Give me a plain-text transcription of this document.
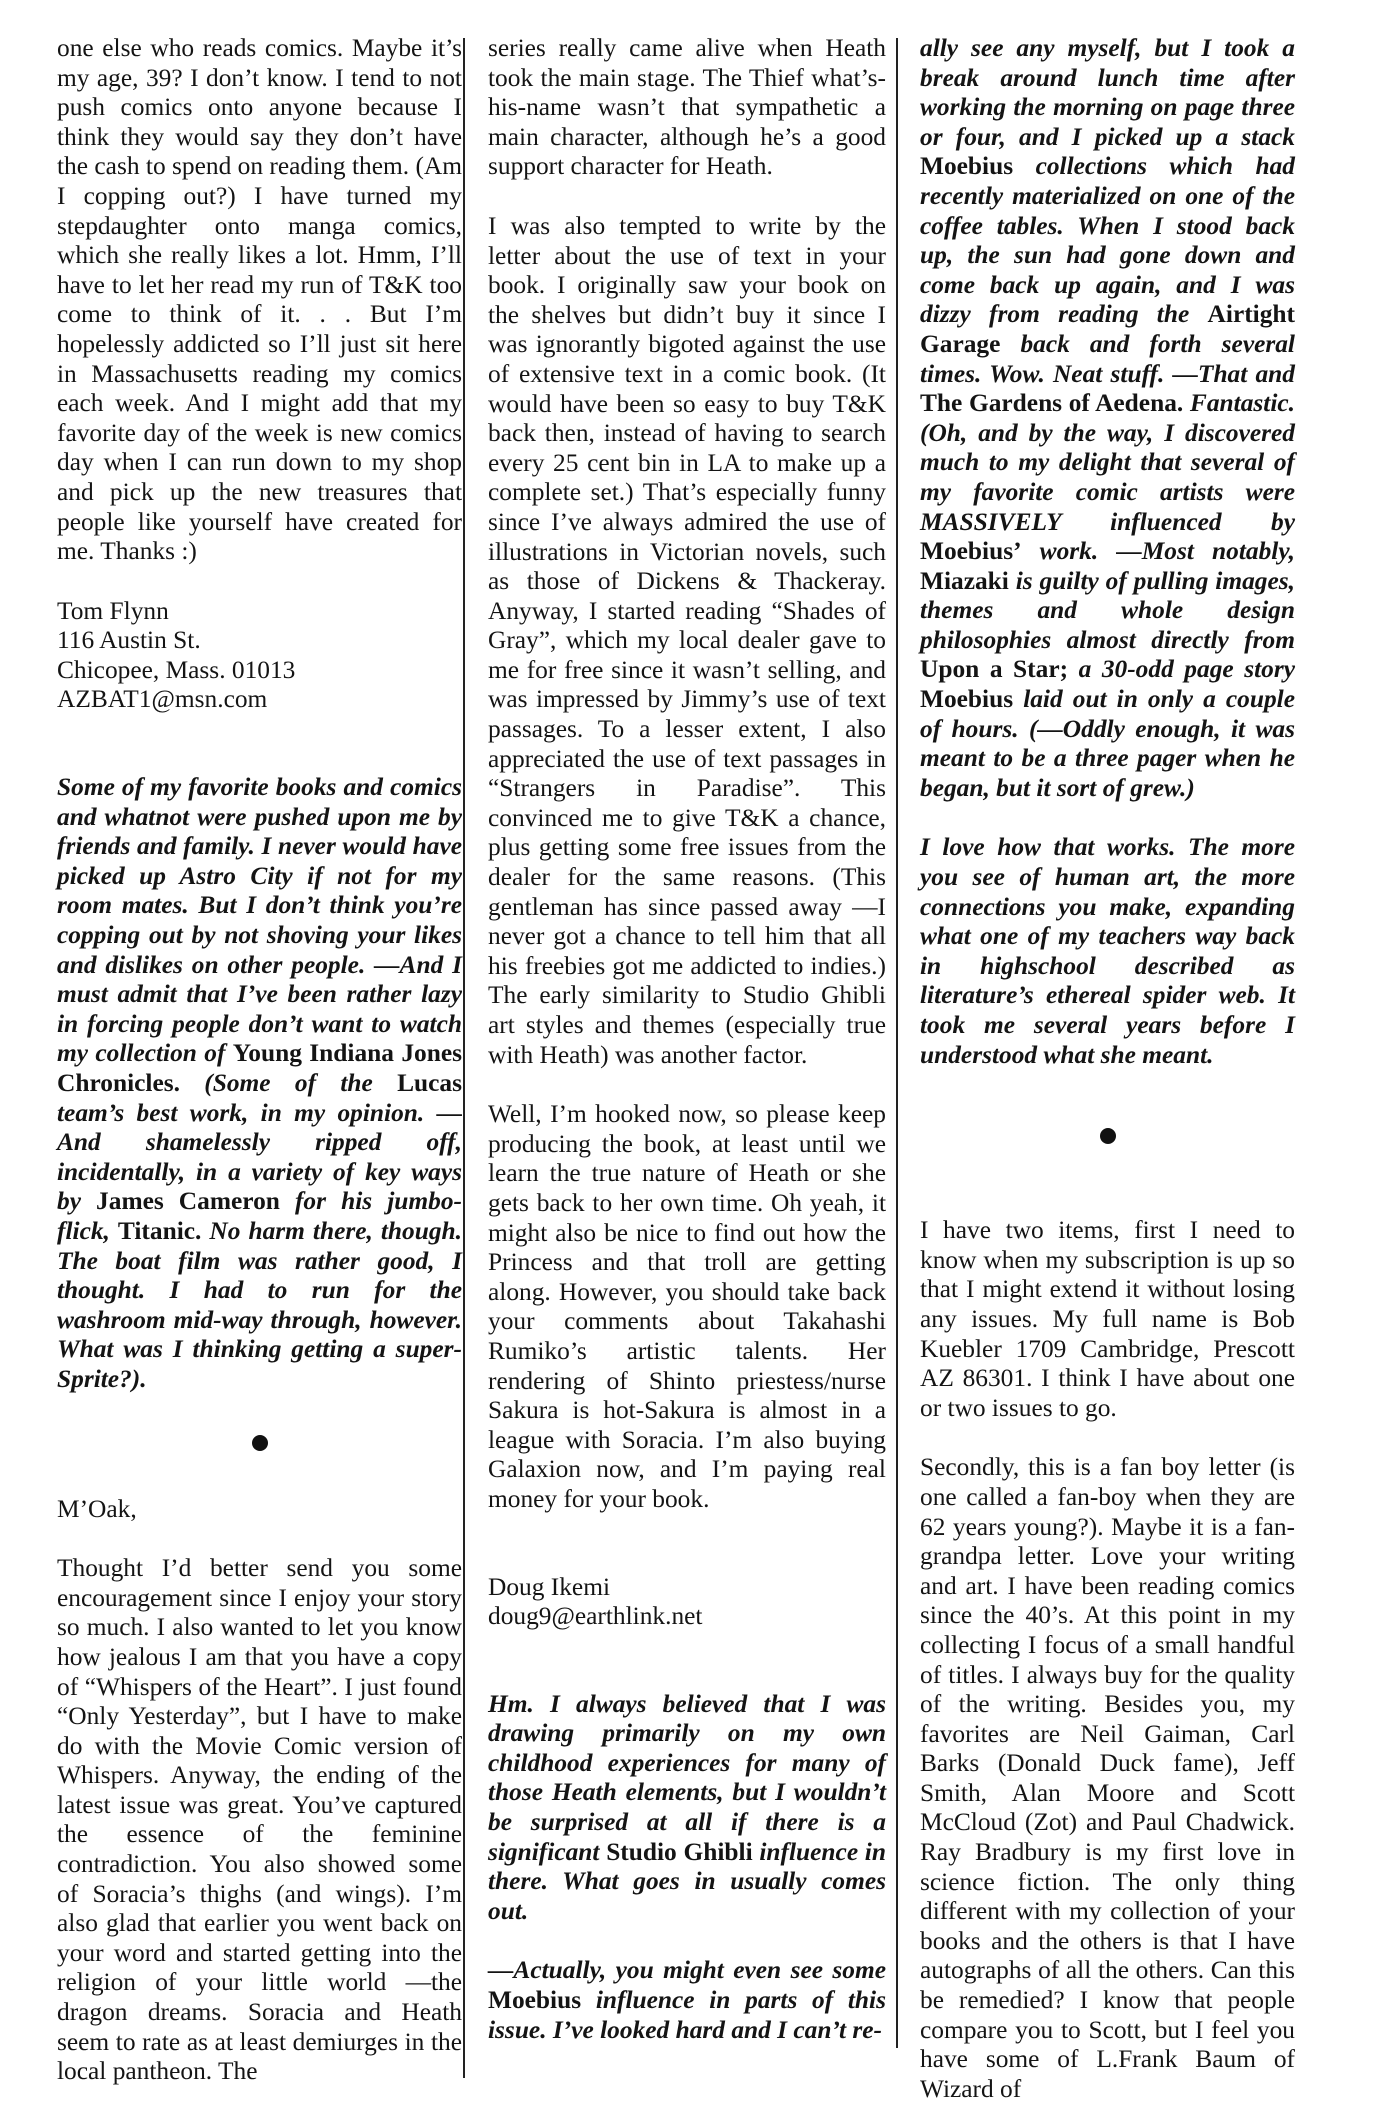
one else who reads comics. Maybe it’s my age, 39? I don’t know. I tend to not push comics onto anyone because I think they would say they don’t have the cash to spend on reading them. (Am I copping out?) I have turned my stepdaughter onto manga comics, which she really likes a lot. Hmm, I’ll have to let her read my run of T&K too come to think of it. . . But I’m hopelessly addicted so I’ll just sit here in Massachusetts reading my comics each week. And I might add that my favorite day of the week is new comics day when I can run down to my shop and pick up the new treasures that people like yourself have created for me. Thanks :)

Tom Flynn
116 Austin St.
Chicopee, Mass. 01013
AZBAT1@msn.com

Some of my favorite books and comics and whatnot were pushed upon me by friends and family. I never would have picked up Astro City if not for my room mates. But I don’t think you’re copping out by not shoving your likes and dislikes on other people. —And I must admit that I’ve been rather lazy in forcing people don’t want to watch my collection of Young Indiana Jones Chronicles. (Some of the Lucas team’s best work, in my opinion. —And shamelessly ripped off, incidentally, in a variety of key ways by James Cameron for his jumbo-flick, Titanic. No harm there, though. The boat film was rather good, I thought. I had to run for the washroom mid-way through, however. What was I thinking getting a super-Sprite?).

M’Oak,

Thought I’d better send you some encouragement since I enjoy your story so much. I also wanted to let you know how jealous I am that you have a copy of “Whispers of the Heart”. I just found “Only Yesterday”, but I have to make do with the Movie Comic version of Whispers. Anyway, the ending of the latest issue was great. You’ve captured the essence of the feminine contradiction. You also showed some of Soracia’s thighs (and wings). I’m also glad that earlier you went back on your word and started getting into the religion of your little world —the dragon dreams. Soracia and Heath seem to rate as at least demiurges in the local pantheon. The

series really came alive when Heath took the main stage. The Thief what’s-his-name wasn’t that sympathetic a main character, although he’s a good support character for Heath.

I was also tempted to write by the letter about the use of text in your book. I originally saw your book on the shelves but didn’t buy it since I was ignorantly bigoted against the use of extensive text in a comic book. (It would have been so easy to buy T&K back then, instead of having to search every 25 cent bin in LA to make up a complete set.) That’s especially funny since I’ve always admired the use of illustrations in Victorian novels, such as those of Dickens & Thackeray. Anyway, I started reading “Shades of Gray”, which my local dealer gave to me for free since it wasn’t selling, and was impressed by Jimmy’s use of text passages. To a lesser extent, I also appreciated the use of text passages in “Strangers in Paradise”. This convinced me to give T&K a chance, plus getting some free issues from the dealer for the same reasons. (This gentleman has since passed away —I never got a chance to tell him that all his freebies got me addicted to indies.) The early similarity to Studio Ghibli art styles and themes (especially true with Heath) was another factor.

Well, I’m hooked now, so please keep producing the book, at least until we learn the true nature of Heath or she gets back to her own time. Oh yeah, it might also be nice to find out how the Princess and that troll are getting along. However, you should take back your comments about Takahashi Rumiko’s artistic talents. Her rendering of Shinto priestess/nurse Sakura is hot-Sakura is almost in a league with Soracia. I’m also buying Galaxion now, and I’m paying real money for your book.

Doug Ikemi
doug9@earthlink.net

Hm. I always believed that I was drawing primarily on my own childhood experiences for many of those Heath elements, but I wouldn’t be surprised at all if there is a significant Studio Ghibli influence in there. What goes in usually comes out.

—Actually, you might even see some Moebius influence in parts of this issue. I’ve looked hard and I can’t re-

ally see any myself, but I took a break around lunch time after working the morning on page three or four, and I picked up a stack Moebius collections which had recently materialized on one of the coffee tables. When I stood back up, the sun had gone down and come back up again, and I was dizzy from reading the Airtight Garage back and forth several times. Wow. Neat stuff. —That and The Gardens of Aedena. Fantastic. (Oh, and by the way, I discovered much to my delight that several of my favorite comic artists were MASSIVELY influenced by Moebius’ work. —Most notably, Miazaki is guilty of pulling images, themes and whole design philosophies almost directly from Upon a Star; a 30-odd page story Moebius laid out in only a couple of hours. (—Oddly enough, it was meant to be a three pager when he began, but it sort of grew.)

I love how that works. The more you see of human art, the more connections you make, expanding what one of my teachers way back in highschool described as literature’s ethereal spider web. It took me several years before I understood what she meant.

I have two items, first I need to know when my subscription is up so that I might extend it without losing any issues. My full name is Bob Kuebler 1709 Cambridge, Prescott AZ 86301. I think I have about one or two issues to go.

Secondly, this is a fan boy letter (is one called a fan-boy when they are 62 years young?). Maybe it is a fan-grandpa letter. Love your writing and art. I have been reading comics since the 40’s. At this point in my collecting I focus of a small handful of titles. I always buy for the quality of the writing. Besides you, my favorites are Neil Gaiman, Carl Barks (Donald Duck fame), Jeff Smith, Alan Moore and Scott McCloud (Zot) and Paul Chadwick. Ray Bradbury is my first love in science fiction. The only thing different with my collection of your books and the others is that I have autographs of all the others. Can this be remedied? I know that people compare you to Scott, but I feel you have some of L.Frank Baum of Wizard of
